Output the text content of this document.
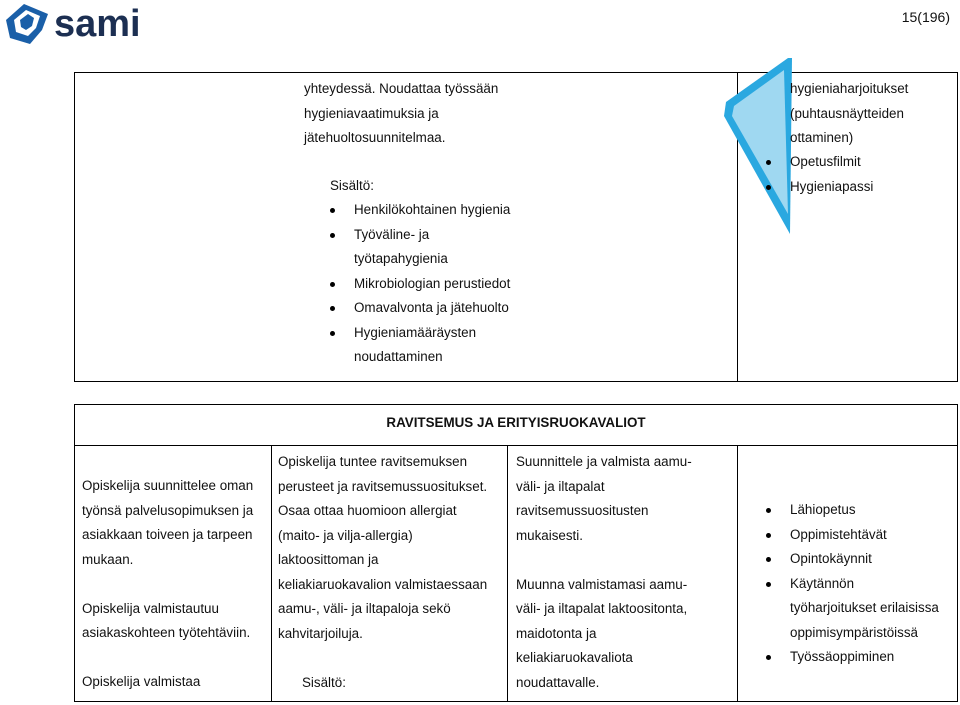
sami	15(196)
yhteydessä. Noudattaa työssään
hygieniavaatimuksia ja
jätehuoltosuunnitelmaa.
Sisältö:
Henkilökohtainen hygienia
Työväline- ja
työtapahygienia
Mikrobiologian perustiedot
Omavalvonta ja jätehuolto
Hygieniamääräysten
noudattaminen
hygieniaharjoitukset
(puhtausnäytteiden
ottaminen)
Opetusfilmit
Hygieniapassi
RAVITSEMUS JA ERITYISRUOKAVALIOT
Opiskelija suunnittelee oman
työnsä palvelusopimuksen ja
asiakkaan toiveen ja tarpeen
mukaan.

Opiskelija valmistautuu
asiakaskohteen työtehtäviin.

Opiskelija valmistaa
Opiskelija tuntee ravitsemuksen
perusteet ja ravitsemussuositukset.
Osaa ottaa huomioon allergiat
(maito- ja vilja-allergia)
laktoosittoman ja
keliakiaruokavalion valmistaessaan
aamu-, väli- ja iltapaloja sekö
kahvitarjoiluja.

Sisältö:
Suunnittele ja valmista aamu-
väli- ja iltapalat
ravitsemussuositusten
mukaisesti.

Muunna valmistamasi aamu-
väli- ja iltapalat laktoositonta,
maidotonta ja
keliakiaruokavaliota
noudattavalle.
Lähiopetus
Oppimistehtävät
Opintokäynnit
Käytännön
työharjoitukset erilaisissa
oppimisympäristöissä
Työssäoppiminen
